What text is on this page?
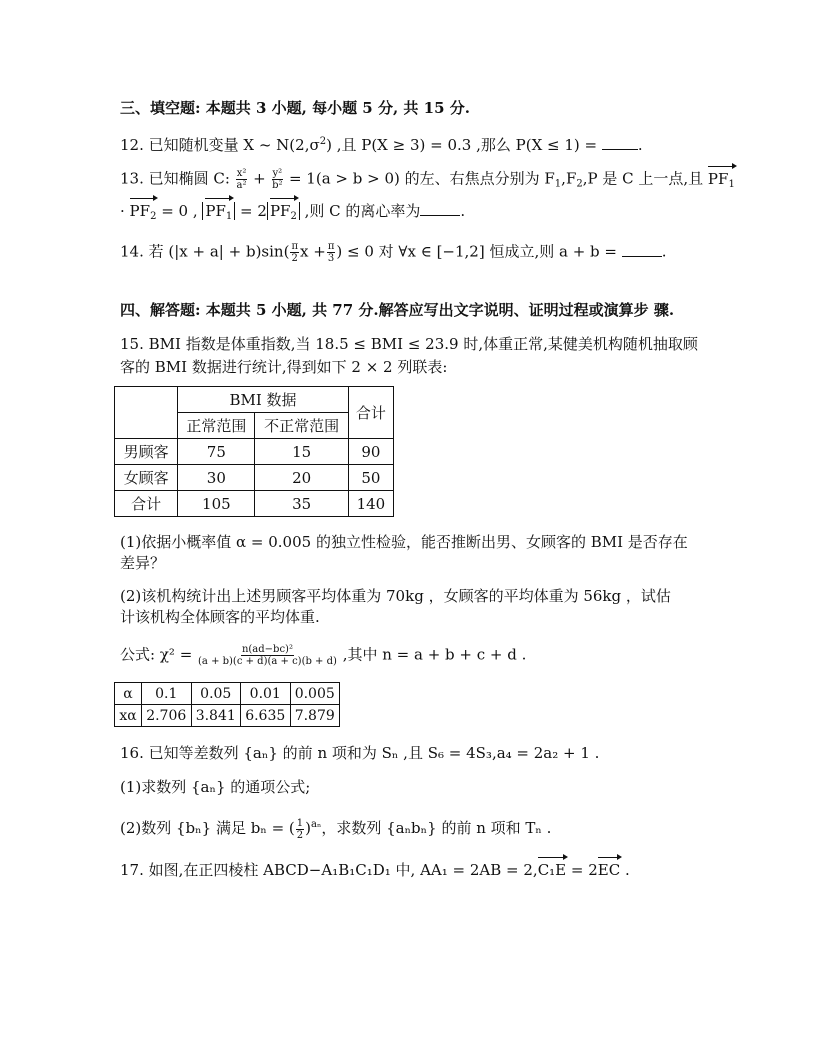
三、填空题: 本题共 3 小题, 每小题 5 分, 共 15 分.
12. 已知随机变量 X ~ $N(2,\sigma^2)$ ,且 P(X ≥ 3) = 0.3 ,那么 P(X ≤ 1) = .
13. 已知椭圆 C: $\frac{\text{x²}}{\text{a²}} + \frac{\text{y²}}{\text{b²}} = 1(a > b > 0)$ 的左、右焦点分别为 $F_1,F_2,P$ 是 C 上一点,且 $PF_1$
· $PF_2 = 0$ , $PF_1 = 2$ $PF_2$ ,则 C 的离心率为	.
14. 若 $(|x + a| + b)\sin( \frac{\pi}{2}$ $x + \frac{\pi}{3}$ ) ≤ 0 对 ∀x ∈ [−1,2] 恒成立,则 a + b =	.
四、解答题: 本题共 5 小题, 共 77 分.解答应写出文字说明、证明过程或演算步 骤.
15. BMI 指数是体重指数,当 18.5 ≤ BMI ≤ 23.9 时,体重正常,某健美机构随机抽取顾
客的 BMI 数据进行统计,得到如下 2 × 2 列联表:
	BMI 数据		合计
	正常范围	不正常范围	
男顾客	75	15	90
女顾客	30	20	50
合计	105	35	140
(1)依据小概率值 α = 0.005 的独立性检验，能否推断出男、女顾客的 BMI 是否存在
差异？
(2)该机构统计出上述男顾客平均体重为 70kg ，女顾客的平均体重为 56kg ，试估
计该机构全体顾客的平均体重.
公式: $\chi^2 = \frac{\text{n(ad−bc)²}}{(a + b)(c + d)(a + c)(b + d)}$ ,其中 n = a + b + c + d .
α	0.1	0.05	0.01	0.005
xα	2.706	3.841	6.635	7.879
16. 已知等差数列 {aₙ} 的前 n 项和为 Sₙ ,且 S₆ = 4S₃,a₄ = 2a₂ + 1 .
(1)求数列 {aₙ} 的通项公式;
(2)数列 {bₙ} 满足 bₙ = ( $\frac{1}{2} )^{a_n}$，求数列 {aₙbₙ} 的前 n 项和 Tₙ .
17. 如图,在正四棱柱 ABCD−A₁B₁C₁D₁ 中, AA₁ = 2AB = 2,C₁E = 2EC .
